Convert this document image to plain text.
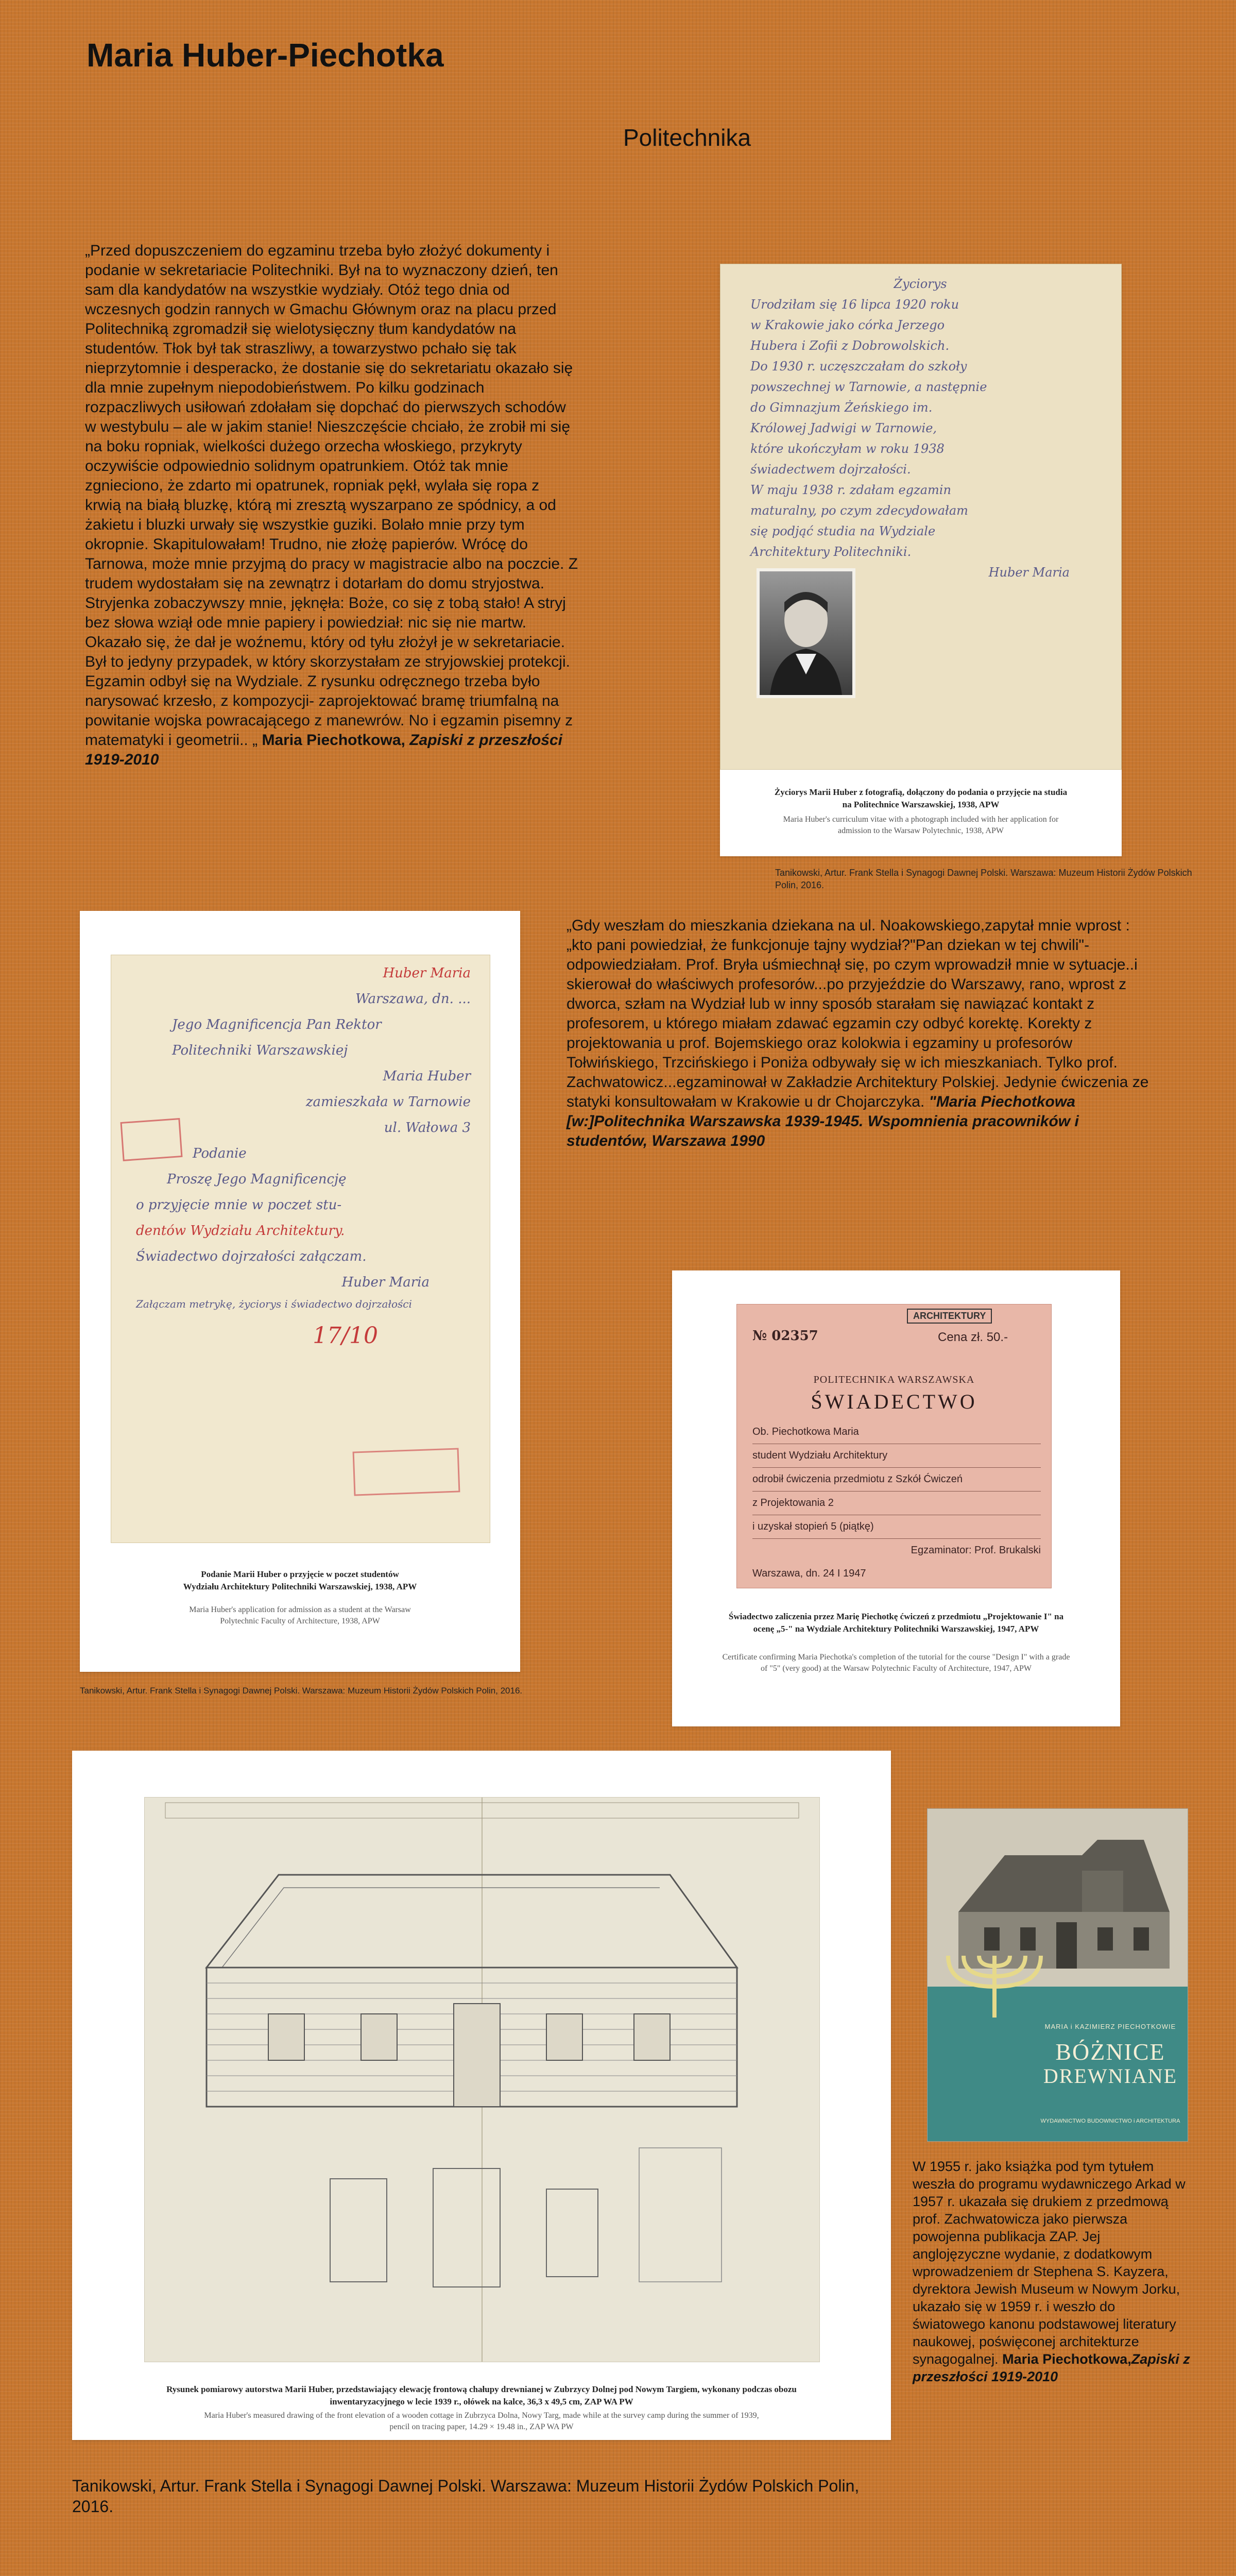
Maria Huber-Piechotka
Politechnika
„Przed dopuszczeniem do egzaminu trzeba było złożyć dokumenty i podanie w sekretariacie Politechniki. Był na to wyznaczony dzień, ten sam dla kandydatów na wszystkie wydziały. Otóż tego dnia od wczesnych godzin rannych w Gmachu Głównym oraz na placu przed Politechniką zgromadził się wielotysięczny tłum kandydatów na studentów. Tłok był tak straszliwy, a towarzystwo pchało się tak nieprzytomnie i desperacko, że dostanie się do sekretariatu okazało się dla mnie zupełnym niepodobieństwem. Po kilku godzinach rozpaczliwych usiłowań zdołałam się dopchać do pierwszych schodów w westybulu – ale w jakim stanie! Nieszczęście chciało, że zrobił mi się na boku ropniak, wielkości dużego orzecha włoskiego, przykryty oczywiście odpowiednio solidnym opatrunkiem. Otóż tak mnie zgnieciono, że zdarto mi opatrunek, ropniak pękł, wylała się ropa z krwią na białą bluzkę, którą mi zresztą wyszarpano ze spódnicy, a od żakietu i bluzki urwały się wszystkie guziki. Bolało mnie przy tym okropnie. Skapitulowałam! Trudno, nie złożę papierów. Wrócę do Tarnowa, może mnie przyjmą do pracy w magistracie albo na poczcie. Z trudem wydostałam się na zewnątrz i dotarłam do domu stryjostwa. Stryjenka zobaczywszy mnie, jęknęła: Boże, co się z tobą stało! A stryj bez słowa wziął ode mnie papiery i powiedział: nic się nie martw. Okazało się, że dał je woźnemu, który od tyłu złożył je w sekretariacie. Był to jedyny przypadek, w który skorzystałam ze stryjowskiej protekcji. Egzamin odbył się na Wydziale. Z rysunku odręcznego trzeba było narysować krzesło, z kompozycji- zaprojektować bramę triumfalną na powitanie wojska powracającego z manewrów. No i egzamin pisemny z matematyki i geometrii.. „ Maria Piechotkowa, Zapiski z przeszłości 1919-2010
Życiorys
Urodziłam się 16 lipca 1920 roku
w Krakowie jako córka Jerzego
Hubera i Zofii z Dobrowolskich.
Do 1930 r. uczęszczałam do szkoły
powszechnej w Tarnowie, a następnie
do Gimnazjum Żeńskiego im.
Królowej Jadwigi w Tarnowie,
które ukończyłam w roku 1938
świadectwem dojrzałości.
W maju 1938 r. zdałam egzamin
maturalny, po czym zdecydowałam
się podjąć studia na Wydziale
Architektury Politechniki.
Huber Maria
Życiorys Marii Huber z fotografią, dołączony do podania o przyjęcie na studia na Politechnice Warszawskiej, 1938, APW
Maria Huber's curriculum vitae with a photograph included with her application for admission to the Warsaw Polytechnic, 1938, APW
Tanikowski, Artur. Frank Stella i Synagogi Dawnej Polski. Warszawa: Muzeum Historii Żydów Polskich Polin, 2016.
Huber Maria
Warszawa, dn. ...
Jego Magnificencja Pan Rektor
Politechniki Warszawskiej
Maria Huber
zamieszkała w Tarnowie
ul. Wałowa 3
Podanie
Proszę Jego Magnificencję
o przyjęcie mnie w poczet stu-
dentów Wydziału Architektury.
Świadectwo dojrzałości załączam.
Huber Maria
Załączam metrykę, życiorys i świadectwo dojrzałości
17/10
Podanie Marii Huber o przyjęcie w poczet studentów Wydziału Architektury Politechniki Warszawskiej, 1938, APW
Maria Huber's application for admission as a student at the Warsaw Polytechnic Faculty of Architecture, 1938, APW
Tanikowski, Artur. Frank Stella i Synagogi Dawnej Polski. Warszawa: Muzeum Historii Żydów Polskich Polin, 2016.
„Gdy weszłam do mieszkania dziekana na ul. Noakowskiego,zapytał mnie wprost : „kto pani powiedział, że funkcjonuje tajny wydział?"Pan dziekan w tej chwili"- odpowiedziałam. Prof. Bryła uśmiechnął się, po czym wprowadził mnie w sytuacje..i skierował do właściwych profesorów...po przyjeździe do Warszawy, rano, wprost z dworca, szłam na Wydział lub w inny sposób starałam się nawiązać kontakt z profesorem, u którego miałam zdawać egzamin czy odbyć korektę. Korekty z projektowania u prof. Bojemskiego oraz kolokwia i egzaminy u profesorów Tołwińskiego, Trzcińskiego i Poniża odbywały się w ich mieszkaniach. Tylko prof. Zachwatowicz...egzaminował w Zakładzie Architektury Polskiej. Jedynie ćwiczenia ze statyki konsultowałam w Krakowie u dr Chojarczyka. "Maria Piechotkowa [w:]Politechnika Warszawska 1939-1945. Wspomnienia pracowników i studentów, Warszawa 1990
ARCHITEKTURY
№ 02357	Cena zł. 50.-
POLITECHNIKA WARSZAWSKA
ŚWIADECTWO
Ob. Piechotkowa Maria
student Wydziału Architektury
odrobił ćwiczenia przedmiotu z Szkół Ćwiczeń
z Projektowania 2
i uzyskał stopień 5 (piątkę)
Egzaminator: Prof. Brukalski
Warszawa, dn. 24 I 1947
Świadectwo zaliczenia przez Marię Piechotkę ćwiczeń z przedmiotu „Projektowanie I" na ocenę „5-" na Wydziale Architektury Politechniki Warszawskiej, 1947, APW
Certificate confirming Maria Piechotka's completion of the tutorial for the course "Design I" with a grade of "5" (very good) at the Warsaw Polytechnic Faculty of Architecture, 1947, APW
Rysunek pomiarowy autorstwa Marii Huber, przedstawiający elewację frontową chałupy drewnianej w Zubrzycy Dolnej pod Nowym Targiem, wykonany podczas obozu inwentaryzacyjnego w lecie 1939 r., ołówek na kalce, 36,3 x 49,5 cm, ZAP WA PW
Maria Huber's measured drawing of the front elevation of a wooden cottage in Zubrzyca Dolna, Nowy Targ, made while at the survey camp during the summer of 1939, pencil on tracing paper, 14.29 × 19.48 in., ZAP WA PW
Tanikowski, Artur. Frank Stella i Synagogi Dawnej Polski. Warszawa: Muzeum Historii Żydów Polskich Polin, 2016.
MARIA i KAZIMIERZ PIECHOTKOWIE
BÓŻNICE
DREWNIANE
WYDAWNICTWO BUDOWNICTWO i ARCHITEKTURA
W 1955 r. jako książka pod tym tytułem weszła do programu wydawniczego Arkad w 1957 r. ukazała się drukiem z przedmową prof. Zachwatowicza jako pierwsza powojenna publikacja ZAP. Jej anglojęzyczne wydanie, z dodatkowym wprowadzeniem dr Stephena S. Kayzera, dyrektora Jewish Museum w Nowym Jorku, ukazało się w 1959 r. i weszło do światowego kanonu podstawowej literatury naukowej, poświęconej architekturze synagogalnej. Maria Piechotkowa,Zapiski z przeszłości 1919-2010
